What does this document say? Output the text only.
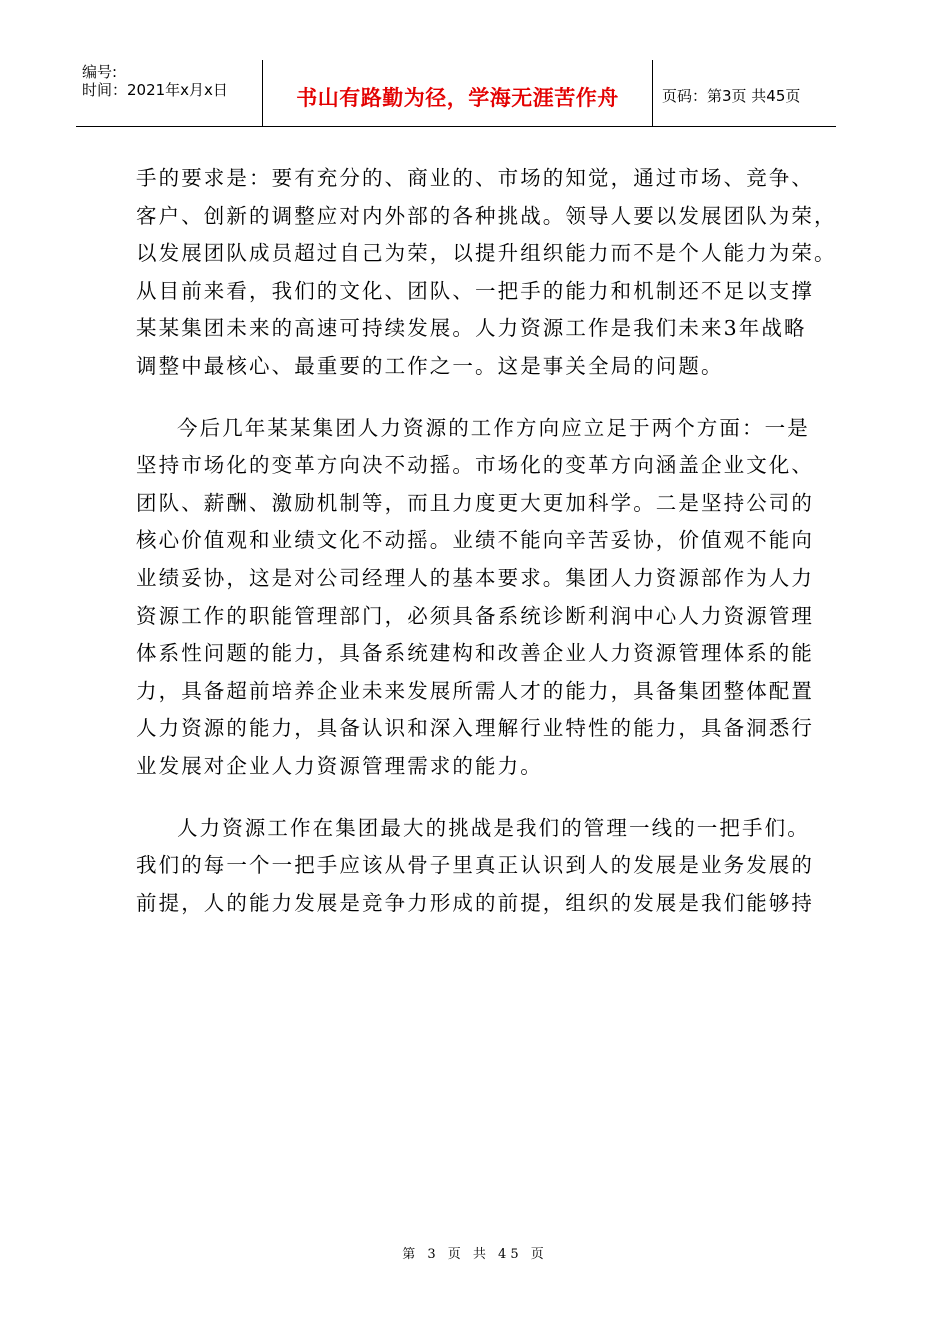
编号:
时间：2021年x月x日	书山有路勤为径，学海无涯苦作舟	页码：第3页 共45页

手的要求是：要有充分的、商业的、市场的知觉，通过市场、竞争、
客户、创新的调整应对内外部的各种挑战。领导人要以发展团队为荣，
以发展团队成员超过自己为荣，以提升组织能力而不是个人能力为荣。
从目前来看，我们的文化、团队、一把手的能力和机制还不足以支撑
某某集团未来的高速可持续发展。人力资源工作是我们未来3年战略
调整中最核心、最重要的工作之一。这是事关全局的问题。

今后几年某某集团人力资源的工作方向应立足于两个方面：一是
坚持市场化的变革方向决不动摇。市场化的变革方向涵盖企业文化、
团队、薪酬、激励机制等，而且力度更大更加科学。二是坚持公司的
核心价值观和业绩文化不动摇。业绩不能向辛苦妥协，价值观不能向
业绩妥协，这是对公司经理人的基本要求。集团人力资源部作为人力
资源工作的职能管理部门，必须具备系统诊断利润中心人力资源管理
体系性问题的能力，具备系统建构和改善企业人力资源管理体系的能
力，具备超前培养企业未来发展所需人才的能力，具备集团整体配置
人力资源的能力，具备认识和深入理解行业特性的能力，具备洞悉行
业发展对企业人力资源管理需求的能力。

人力资源工作在集团最大的挑战是我们的管理一线的一把手们。
我们的每一个一把手应该从骨子里真正认识到人的发展是业务发展的
前提，人的能力发展是竞争力形成的前提，组织的发展是我们能够持

第 3 页 共 45 页
